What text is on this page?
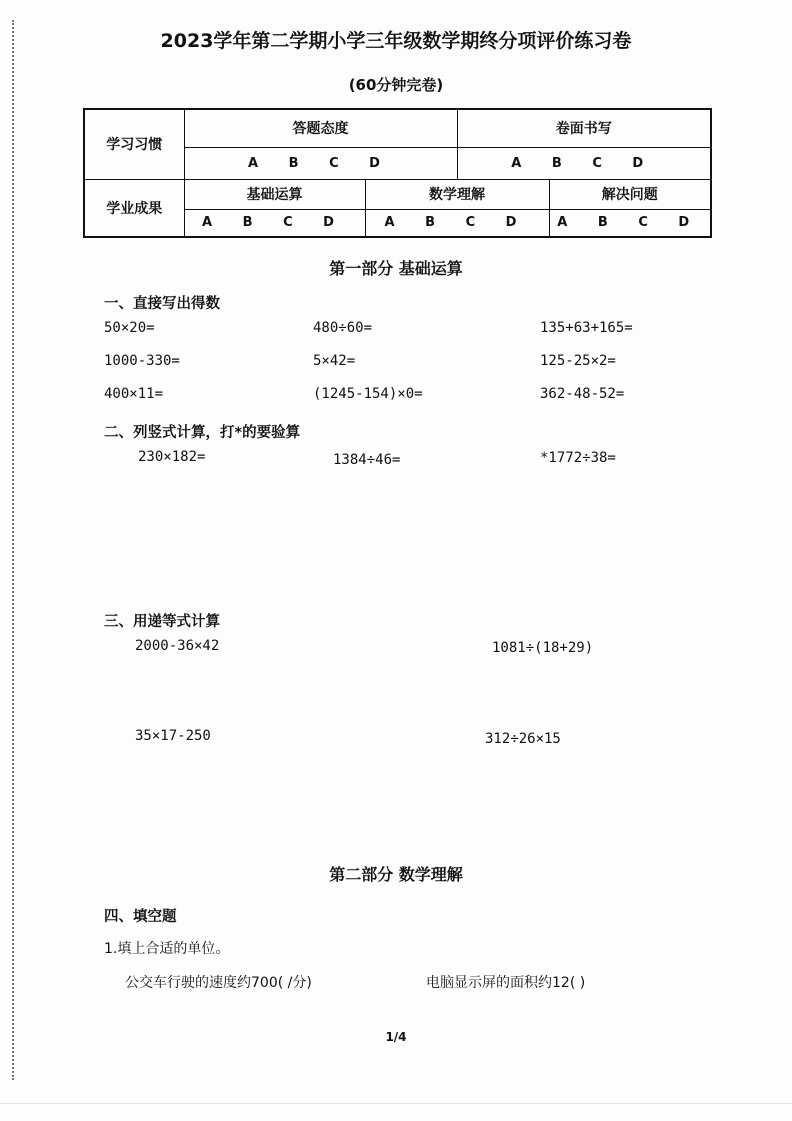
2023学年第二学期小学三年级数学期终分项评价练习卷
(60分钟完卷)
学习习惯	答题态度		卷面书写	
	A B C D		A B C D	
学业成果	基础运算	数学理解		解决问题
	A B C D	A B C D		A B C D
第一部分 基础运算
一、直接写出得数
50×20=	480÷60=	135+63+165=
1000-330=	5×42=	125-25×2=
400×11=	(1245-154)×0=	362-48-52=
二、列竖式计算，打*的要验算
230×182=	1384÷46=	*1772÷38=
三、用递等式计算
2000-36×42	1081÷(18+29)
35×17-250	312÷26×15
第二部分 数学理解
四、填空题
1.填上合适的单位。
公交车行驶的速度约700( /分)	电脑显示屏的面积约12( )
1/4
